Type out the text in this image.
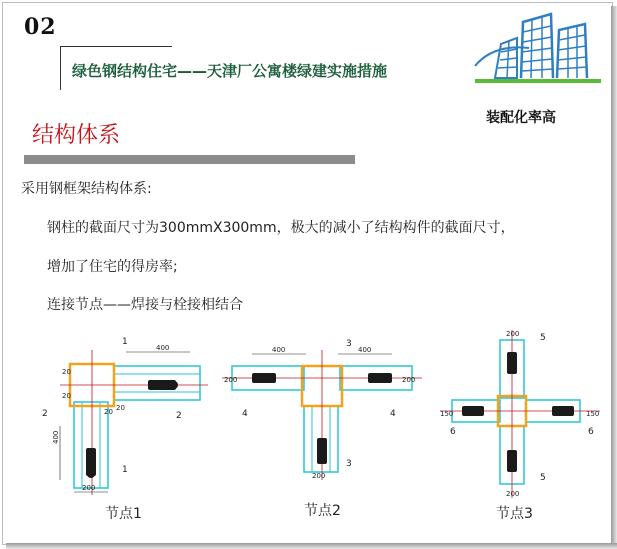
02
绿色钢结构住宅——天津厂公寓楼绿建实施措施
装配化率高
结构体系
采用钢框架结构体系:
钢柱的截面尺寸为300mmX300mm，极大的减小了结构构件的截面尺寸，
增加了住宅的得房率;
连接节点——焊接与栓接相结合
400
400
200
20
20
20
20
1
1
2	2
节点1
400	400
200	200
200
3
3
4	4
节点2
200
200
150	150
5
5
6	6
节点3
